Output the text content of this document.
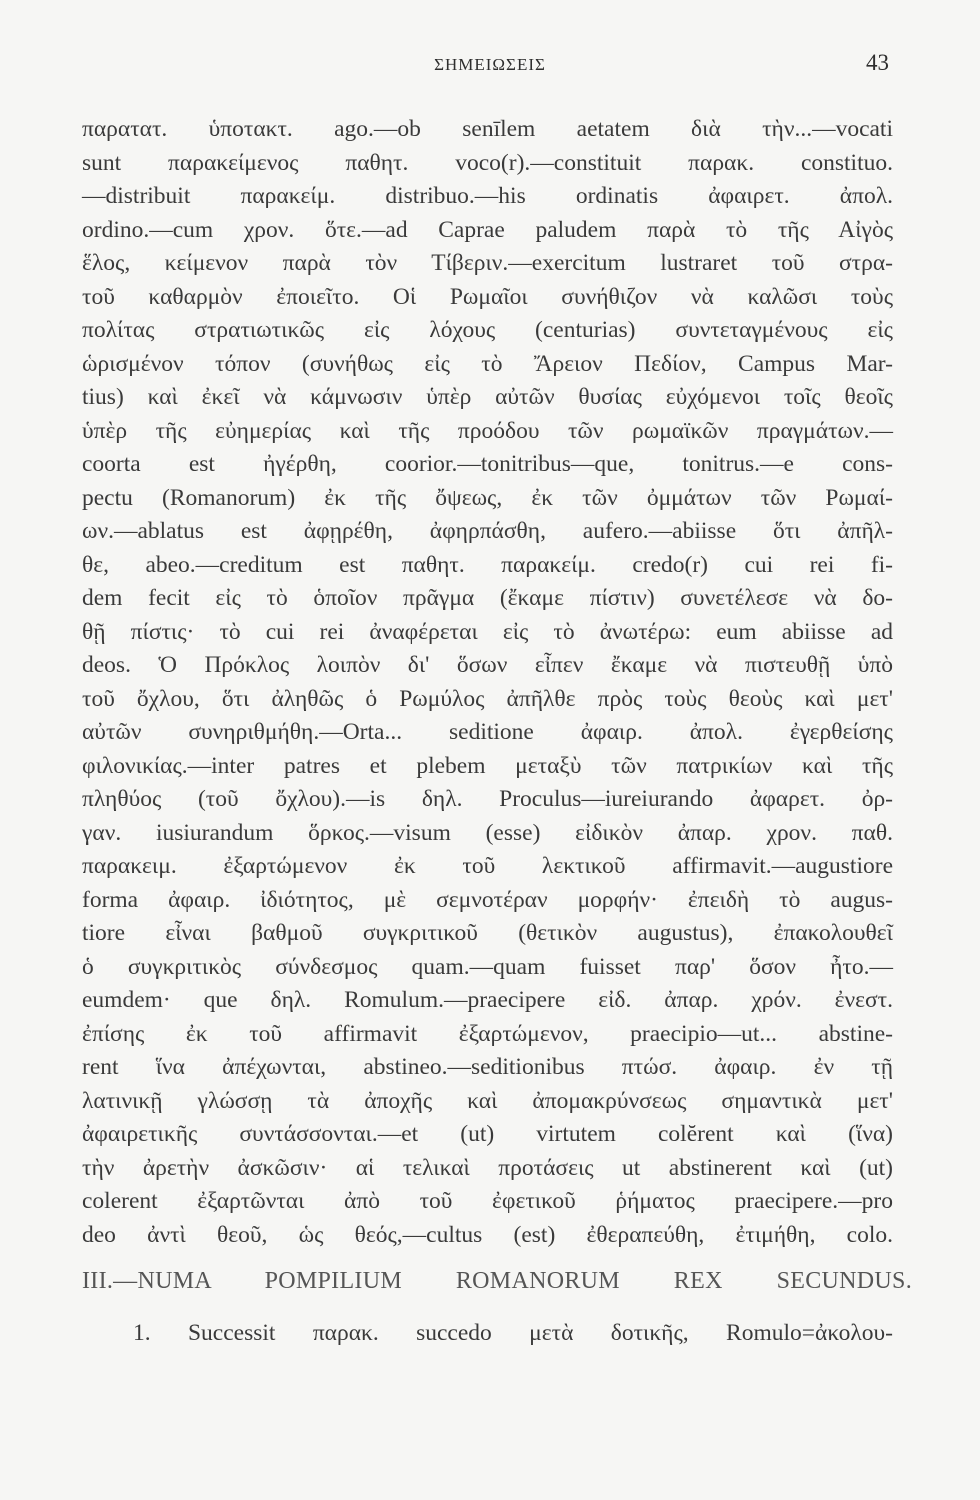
ΣΗΜΕΙΩΣΕΙΣ	43
παρατατ. ὑποτακτ. ago.—ob senīlem aetatem διὰ τὴν...—vocati
sunt παρακείμενος παθητ. voco(r).—constituit παρακ. constituo.
—distribuit παρακείμ. distribuo.—his ordinatis ἀφαιρετ. ἀπολ.
ordino.—cum χρον. ὅτε.—ad Caprae paludem παρὰ τὸ τῆς Αἰγὸς
ἕλος, κείμενον παρὰ τὸν Τίβεριν.—exercitum lustraret τοῦ στρα-
τοῦ καθαρμὸν ἐποιεῖτο. Οἱ Ρωμαῖοι συνήθιζον νὰ καλῶσι τοὺς
πολίτας στρατιωτικῶς εἰς λόχους (centurias) συντεταγμένους εἰς
ὡρισμένον τόπον (συνήθως εἰς τὸ Ἄρειον Πεδίον, Campus Mar-
tius) καὶ ἐκεῖ νὰ κάμνωσιν ὑπὲρ αὐτῶν θυσίας εὐχόμενοι τοῖς θεοῖς
ὑπὲρ τῆς εὐημερίας καὶ τῆς προόδου τῶν ρωμαϊκῶν πραγμάτων.—
coorta est ἠγέρθη, coorior.—tonitribus—que, tonitrus.—e cons-
pectu (Romanorum) ἐκ τῆς ὄψεως, ἐκ τῶν ὀμμάτων τῶν Ρωμαί-
ων.—ablatus est ἀφῃρέθη, ἀφηρπάσθη, aufero.—abiisse ὅτι ἀπῆλ-
θε, abeo.—creditum est παθητ. παρακείμ. credo(r) cui rei fi-
dem fecit εἰς τὸ ὁποῖον πρᾶγμα (ἔκαμε πίστιν) συνετέλεσε νὰ δο-
θῇ πίστις· τὸ cui rei ἀναφέρεται εἰς τὸ ἀνωτέρω: eum abiisse ad
deos. Ὁ Πρόκλος λοιπὸν δι' ὅσων εἶπεν ἔκαμε νὰ πιστευθῇ ὑπὸ
τοῦ ὄχλου, ὅτι ἀληθῶς ὁ Ρωμύλος ἀπῆλθε πρὸς τοὺς θεοὺς καὶ μετ'
αὐτῶν συνηριθμήθη.—Orta... seditione ἀφαιρ. ἀπολ. ἐγερθείσης
φιλονικίας.—inter patres et plebem μεταξὺ τῶν πατρικίων καὶ τῆς
πληθύος (τοῦ ὄχλου).—is δηλ. Proculus—iureiurando ἀφαρετ. ὀρ-
γαν. iusiurandum ὅρκος.—visum (esse) εἰδικὸν ἀπαρ. χρον. παθ.
παρακειμ. ἐξαρτώμενον ἐκ τοῦ λεκτικοῦ affirmavit.—augustiore
forma ἀφαιρ. ἰδιότητος, μὲ σεμνοτέραν μορφήν· ἐπειδὴ τὸ augus-
tiore εἶναι βαθμοῦ συγκριτικοῦ (θετικὸν augustus), ἐπακολουθεῖ
ὁ συγκριτικὸς σύνδεσμος quam.—quam fuisset παρ' ὅσον ἦτο.—
eumdem· que δηλ. Romulum.—praecipere εἰδ. ἀπαρ. χρόν. ἐνεστ.
ἐπίσης ἐκ τοῦ affirmavit ἐξαρτώμενον, praecipio—ut... abstine-
rent ἵνα ἀπέχωνται, abstineo.—seditionibus πτώσ. ἀφαιρ. ἐν τῇ
λατινικῇ γλώσσῃ τὰ ἀποχῆς καὶ ἀπομακρύνσεως σημαντικὰ μετ'
ἀφαιρετικῆς συντάσσονται.—et (ut) virtutem colĕrent καὶ (ἵνα)
τὴν ἀρετὴν ἀσκῶσιν· αἱ τελικαὶ προτάσεις ut abstinerent καὶ (ut)
colerent ἐξαρτῶνται ἀπὸ τοῦ ἐφετικοῦ ῥήματος praecipere.—pro
deo ἀντὶ θεοῦ, ὡς θεός,—cultus (est) ἐθεραπεύθη, ἐτιμήθη, colo.
III.—NUMA POMPILIUM ROMANORUM REX SECUNDUS.
1. Successit παρακ. succedo μετὰ δοτικῆς, Romulo=ἀκολου-
